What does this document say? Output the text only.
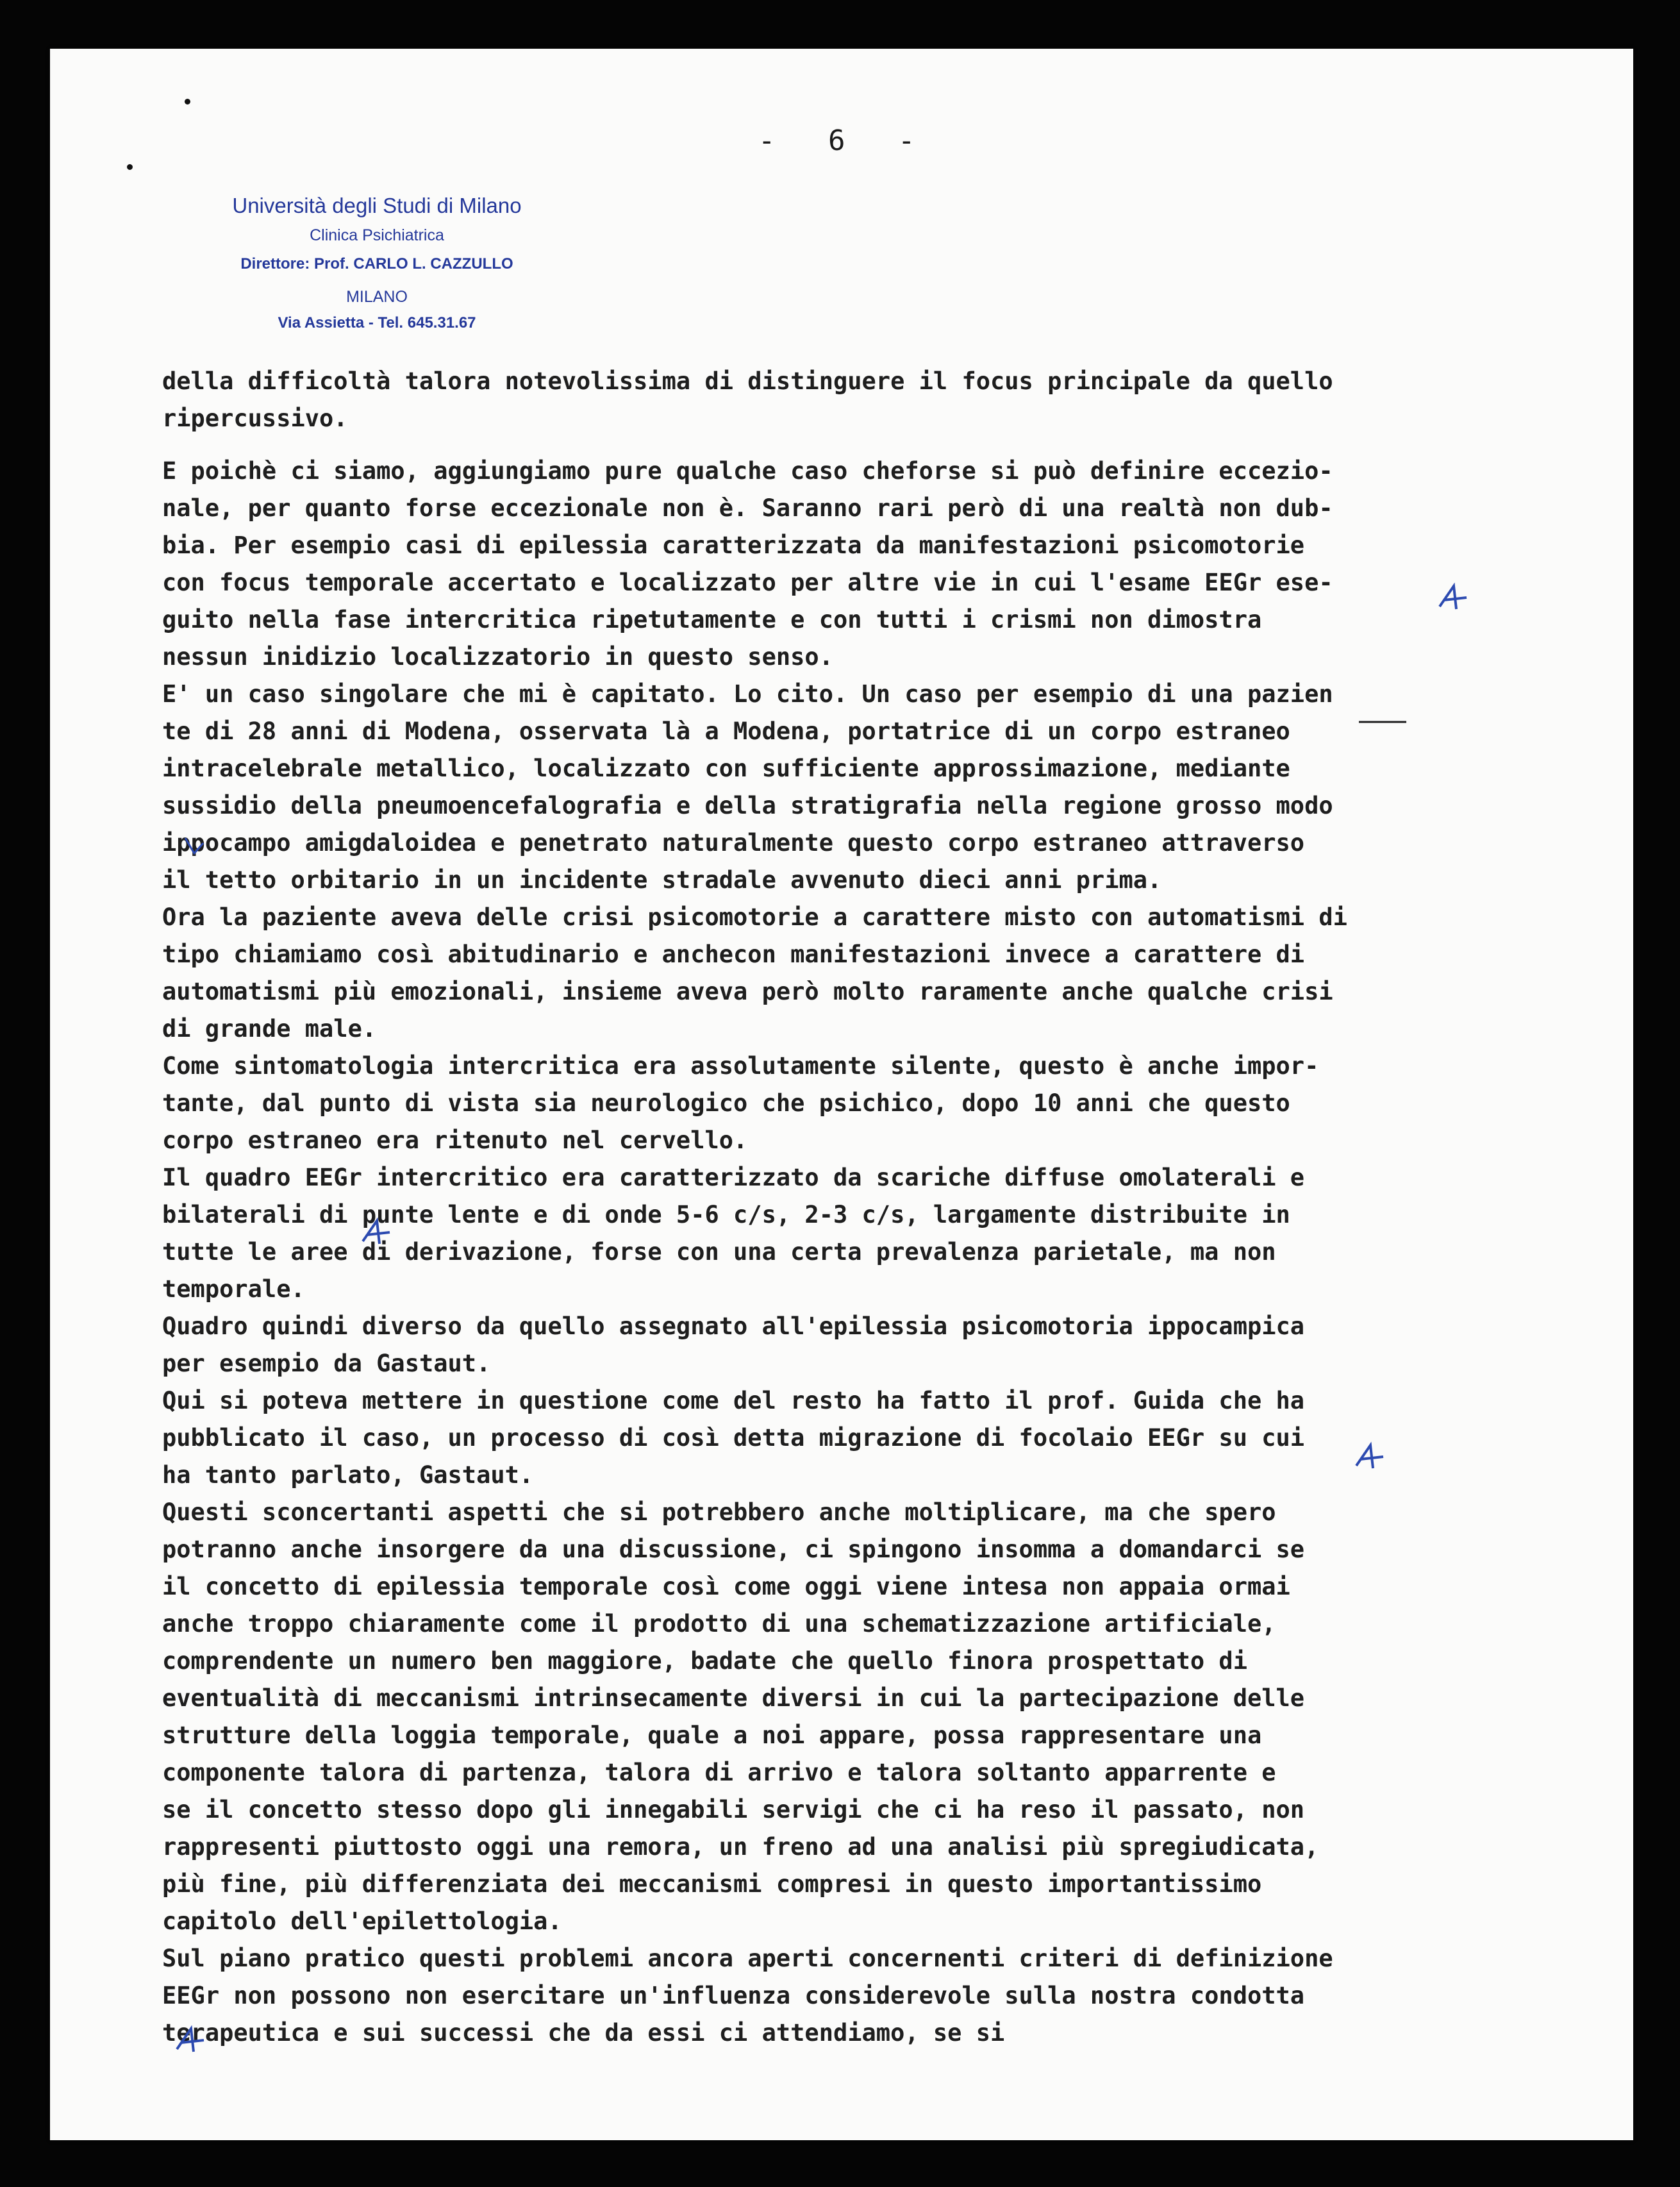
- 6 -
Università degli Studi di Milano
Clinica Psichiatrica
Direttore: Prof. CARLO L. CAZZULLO
MILANO
Via Assietta - Tel. 645.31.67
della difficoltà talora notevolissima di distinguere il focus principale da quello
ripercussivo.
E poichè ci siamo, aggiungiamo pure qualche caso cheforse si può definire eccezio-
nale, per quanto forse eccezionale non è. Saranno rari però di una realtà non dub-
bia. Per esempio casi di epilessia caratterizzata da manifestazioni psicomotorie
con focus temporale accertato e localizzato per altre vie in cui l'esame EEGr ese-
guito nella fase intercritica ripetutamente e con tutti i crismi non dimostra
nessun inidizio localizzatorio in questo senso.
E' un caso singolare che mi è capitato. Lo cito. Un caso per esempio di una pazien
te di 28 anni di Modena, osservata là a Modena, portatrice di un corpo estraneo
intracelebrale metallico, localizzato con sufficiente approssimazione, mediante
sussidio della pneumoencefalografia e della stratigrafia nella regione grosso modo
ippocampo amigdaloidea e penetrato naturalmente questo corpo estraneo attraverso
il tetto orbitario in un incidente stradale avvenuto dieci anni prima.
Ora la paziente aveva delle crisi psicomotorie a carattere misto con automatismi di
tipo chiamiamo così abitudinario e anchecon manifestazioni invece a carattere di
automatismi più emozionali, insieme aveva però molto raramente anche qualche crisi
di grande male.
Come sintomatologia intercritica era assolutamente silente, questo è anche impor-
tante, dal punto di vista sia neurologico che psichico, dopo 10 anni che questo
corpo estraneo era ritenuto nel cervello.
Il quadro EEGr intercritico era caratterizzato da scariche diffuse omolaterali e
bilaterali di punte lente e di onde 5-6 c/s, 2-3 c/s, largamente distribuite in
tutte le aree di derivazione, forse con una certa prevalenza parietale, ma non
temporale.
Quadro quindi diverso da quello assegnato all'epilessia psicomotoria ippocampica
per esempio da Gastaut.
Qui si poteva mettere in questione come del resto ha fatto il prof. Guida che ha
pubblicato il caso, un processo di così detta migrazione di focolaio EEGr su cui
ha tanto parlato, Gastaut.
Questi sconcertanti aspetti che si potrebbero anche moltiplicare, ma che spero
potranno anche insorgere da una discussione, ci spingono insomma a domandarci se
il concetto di epilessia temporale così come oggi viene intesa non appaia ormai
anche troppo chiaramente come il prodotto di una schematizzazione artificiale,
comprendente un numero ben maggiore, badate che quello finora prospettato di
eventualità di meccanismi intrinsecamente diversi in cui la partecipazione delle
strutture della loggia temporale, quale a noi appare, possa rappresentare una
componente talora di partenza, talora di arrivo e talora soltanto apparrente e
se il concetto stesso dopo gli innegabili servigi che ci ha reso il passato, non
rappresenti piuttosto oggi una remora, un freno ad una analisi più spregiudicata,
più fine, più differenziata dei meccanismi compresi in questo importantissimo
capitolo dell'epilettologia.
Sul piano pratico questi problemi ancora aperti concernenti criteri di definizione
EEGr non possono non esercitare un'influenza considerevole sulla nostra condotta
terapeutica e sui successi che da essi ci attendiamo, se si
